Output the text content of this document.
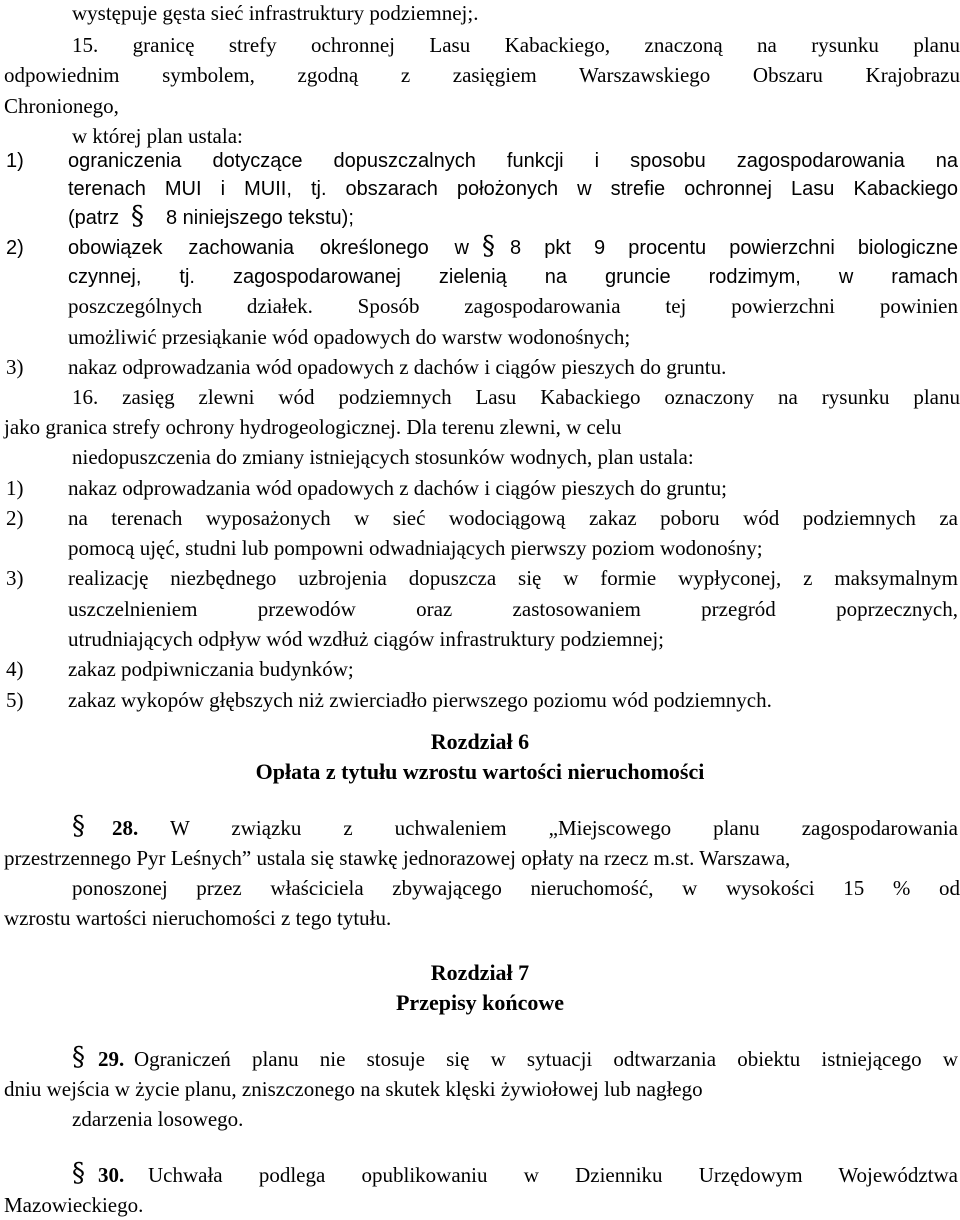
występuje gęsta sieć infrastruktury podziemnej;.
15. granicę strefy ochronnej Lasu Kabackiego, znaczoną na rysunku planu
odpowiednim symbolem, zgodną z zasięgiem Warszawskiego Obszaru Krajobrazu
Chronionego,
w której plan ustala:
1) ograniczenia dotyczące dopuszczalnych funkcji i sposobu zagospodarowania na
terenach MUI i MUII, tj. obszarach położonych w strefie ochronnej Lasu Kabackiego
(patrz § 8 niniejszego tekstu);
2) obowiązek zachowania określonego w § 8 pkt 9 procentu powierzchni biologiczne
czynnej, tj. zagospodarowanej zielenią na gruncie rodzimym, w ramach
poszczególnych działek. Sposób zagospodarowania tej powierzchni powinien
umożliwić przesiąkanie wód opadowych do warstw wodonośnych;
3) nakaz odprowadzania wód opadowych z dachów i ciągów pieszych do gruntu.
16. zasięg zlewni wód podziemnych Lasu Kabackiego oznaczony na rysunku planu
jako granica strefy ochrony hydrogeologicznej. Dla terenu zlewni, w celu
niedopuszczenia do zmiany istniejących stosunków wodnych, plan ustala:
1) nakaz odprowadzania wód opadowych z dachów i ciągów pieszych do gruntu;
2) na terenach wyposażonych w sieć wodociągową zakaz poboru wód podziemnych za
pomocą ujęć, studni lub pompowni odwadniających pierwszy poziom wodonośny;
3) realizację niezbędnego uzbrojenia dopuszcza się w formie wypłyconej, z maksymalnym
uszczelnieniem przewodów oraz zastosowaniem przegród poprzecznych,
utrudniających odpływ wód wzdłuż ciągów infrastruktury podziemnej;
4) zakaz podpiwniczania budynków;
5) zakaz wykopów głębszych niż zwierciadło pierwszego poziomu wód podziemnych.
Rozdział 6
Opłata z tytułu wzrostu wartości nieruchomości
§ 28. W związku z uchwaleniem „Miejscowego planu zagospodarowania
przestrzennego Pyr Leśnych” ustala się stawkę jednorazowej opłaty na rzecz m.st. Warszawa,
ponoszonej przez właściciela zbywającego nieruchomość, w wysokości 15 % od
wzrostu wartości nieruchomości z tego tytułu.
Rozdział 7
Przepisy końcowe
§ 29. Ograniczeń planu nie stosuje się w sytuacji odtwarzania obiektu istniejącego w
dniu wejścia w życie planu, zniszczonego na skutek klęski żywiołowej lub nagłego
zdarzenia losowego.
§ 30. Uchwała podlega opublikowaniu w Dzienniku Urzędowym Województwa
Mazowieckiego.
